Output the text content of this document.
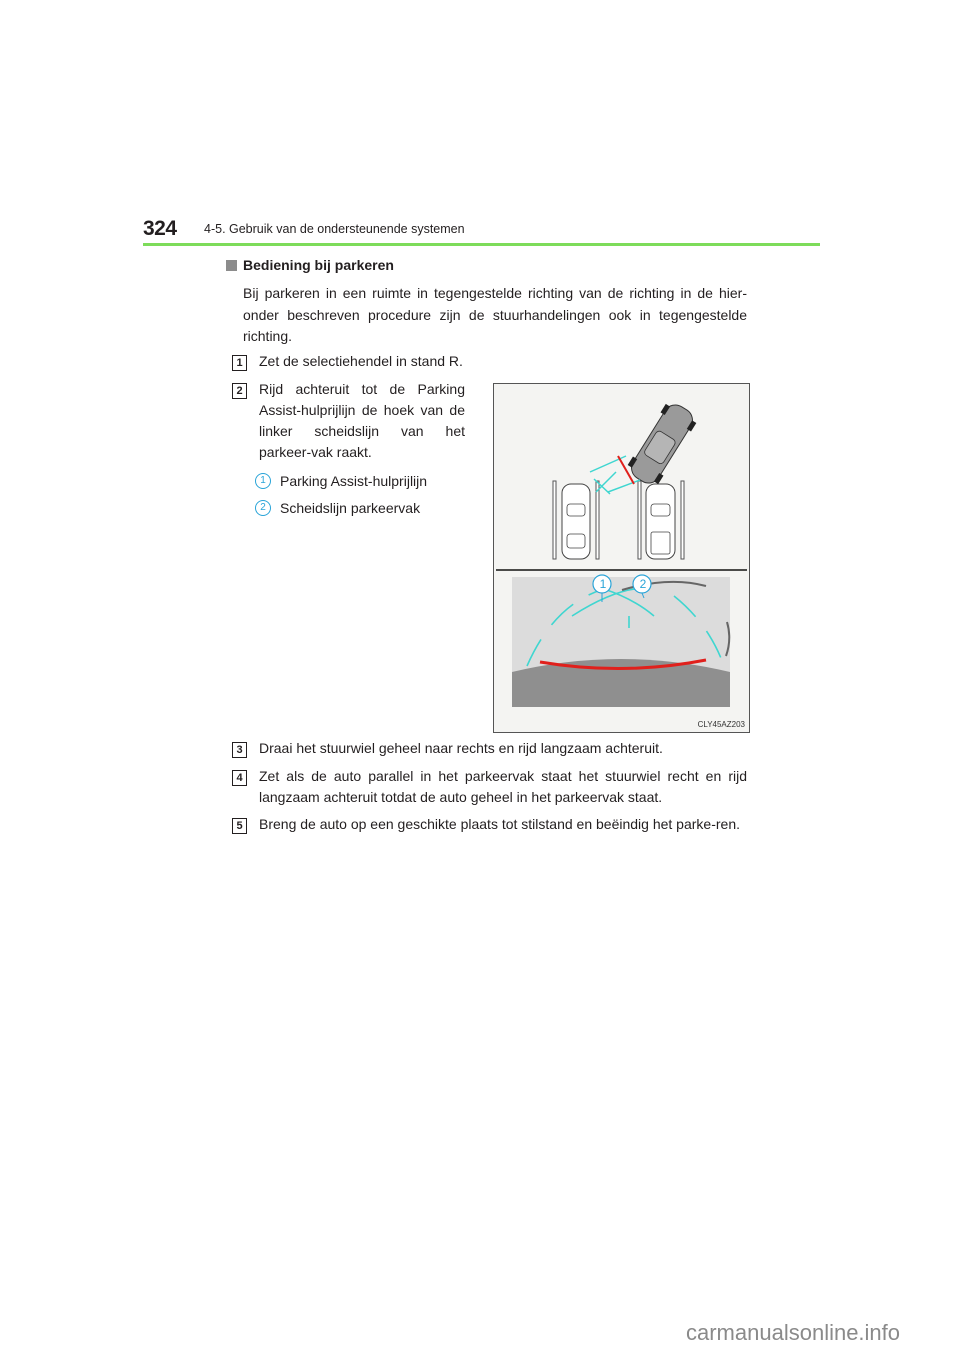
324 4-5. Gebruik van de ondersteunende systemen
Bediening bij parkeren
Bij parkeren in een ruimte in tegengestelde richting van de richting in de hier-onder beschreven procedure zijn de stuurhandelingen ook in tegengestelde richting.
1	Zet de selectiehendel in stand R.
2	Rijd achteruit tot de Parking Assist-hulprijlijn de hoek van de linker scheidslijn van het parkeer-vak raakt.
1	Parking Assist-hulprijlijn
2	Scheidslijn parkeervak
1	2
CLY45AZ203
3	Draai het stuurwiel geheel naar rechts en rijd langzaam achteruit.
4	Zet als de auto parallel in het parkeervak staat het stuurwiel recht en rijd langzaam achteruit totdat de auto geheel in het parkeervak staat.
5	Breng de auto op een geschikte plaats tot stilstand en beëindig het parke-ren.
carmanualsonline.info
